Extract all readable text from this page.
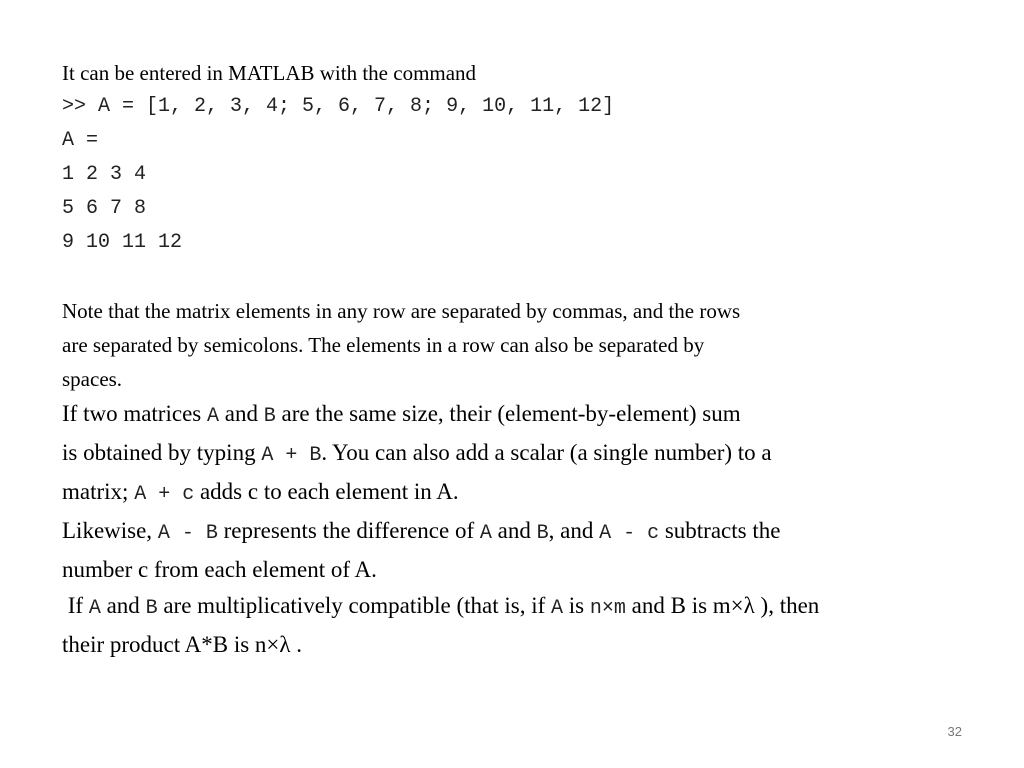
It can be entered in MATLAB with the command
>> A = [1, 2, 3, 4; 5, 6, 7, 8; 9, 10, 11, 12]
A =
1 2 3 4
5 6 7 8
9 10 11 12
Note that the matrix elements in any row are separated by commas, and the rows
are separated by semicolons. The elements in a row can also be separated by
spaces.
If two matrices A and B are the same size, their (element-by-element) sum
is obtained by typing A + B. You can also add a scalar (a single number) to a
matrix; A + c adds c to each element in A.
Likewise, A - B represents the difference of A and B, and A - c subtracts the
number c from each element of A.
If A and B are multiplicatively compatible (that is, if A is n×m and B is m×λ ), then
their product A*B is n×λ .
32
